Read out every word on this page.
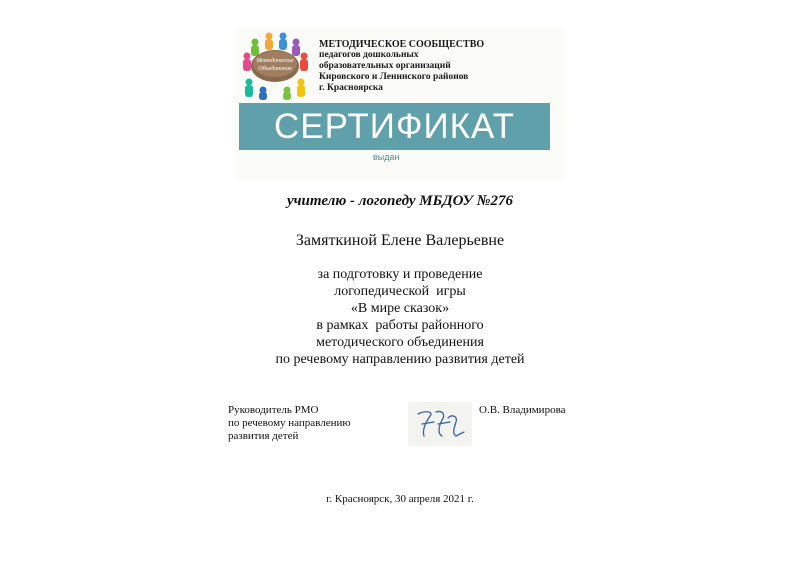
Методические
Объединения
МЕТОДИЧЕСКОЕ СООБЩЕСТВО
педагогов дошкольных
образовательных организаций
Кировского и Ленинского районов
г. Красноярска
СЕРТИФИКАТ
выдан
учителю - логопеду МБДОУ №276
Замяткиной Елене Валерьевне
за подготовку и проведение
логопедической  игры
«В мире сказок»
в рамках  работы районного
методического объединения
по речевому направлению развития детей
Руководитель РМО
по речевому направлению
развития детей
О.В. Владимирова
г. Красноярск, 30 апреля 2021 г.
